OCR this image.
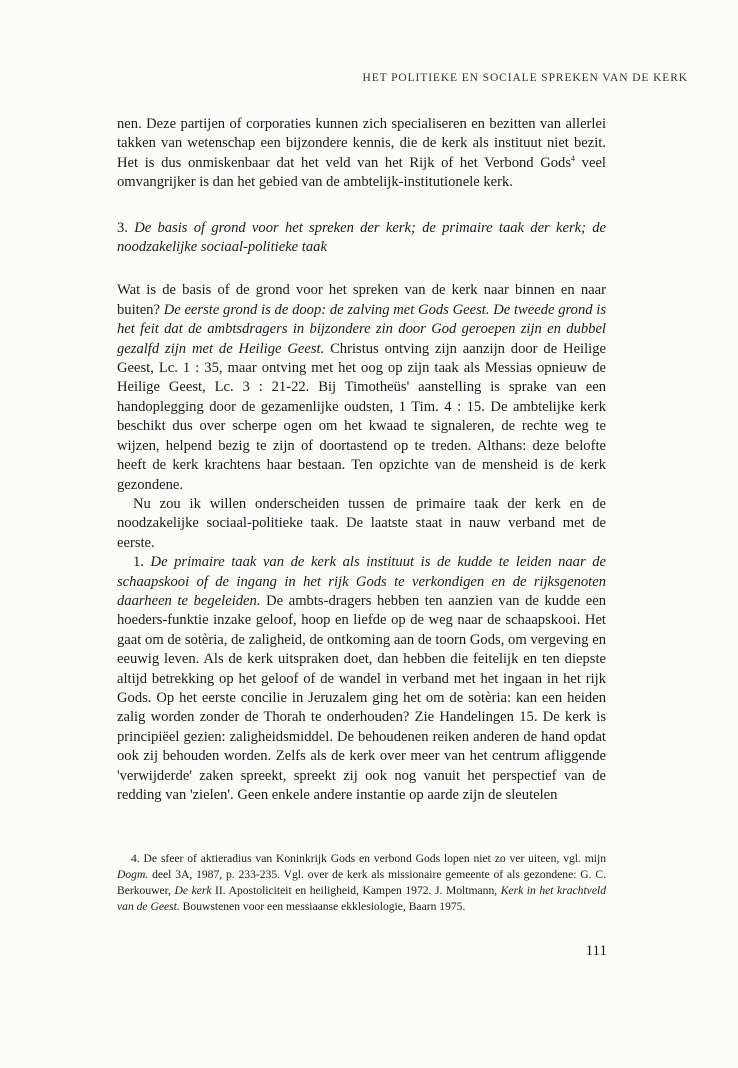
HET POLITIEKE EN SOCIALE SPREKEN VAN DE KERK

nen. Deze partijen of corporaties kunnen zich specialiseren en bezitten van allerlei takken van wetenschap een bijzondere kennis, die de kerk als instituut niet bezit. Het is dus onmiskenbaar dat het veld van het Rijk of het Verbond Gods$^4$ veel omvangrijker is dan het gebied van de ambtelijk-institutionele kerk.

3. De basis of grond voor het spreken der kerk; de primaire taak der kerk; de noodzakelijke sociaal-politieke taak

Wat is de basis of de grond voor het spreken van de kerk naar binnen en naar buiten? De eerste grond is de doop: de zalving met Gods Geest. De tweede grond is het feit dat de ambtsdragers in bijzondere zin door God geroepen zijn en dubbel gezalfd zijn met de Heilige Geest. Christus ontving zijn aanzijn door de Heilige Geest, Lc. 1 : 35, maar ontving met het oog op zijn taak als Messias opnieuw de Heilige Geest, Lc. 3 : 21-22. Bij Timotheüs' aanstelling is sprake van een handoplegging door de gezamenlijke oudsten, 1 Tim. 4 : 15. De ambtelijke kerk beschikt dus over scherpe ogen om het kwaad te signaleren, de rechte weg te wijzen, helpend bezig te zijn of doortastend op te treden. Althans: deze belofte heeft de kerk krachtens haar bestaan. Ten opzichte van de mensheid is de kerk gezondene.

Nu zou ik willen onderscheiden tussen de primaire taak der kerk en de noodzakelijke sociaal-politieke taak. De laatste staat in nauw verband met de eerste.

1. De primaire taak van de kerk als instituut is de kudde te leiden naar de schaapskooi of de ingang in het rijk Gods te verkondigen en de rijksgenoten daarheen te begeleiden. De ambts-dragers hebben ten aanzien van de kudde een hoeders-funktie inzake geloof, hoop en liefde op de weg naar de schaapskooi. Het gaat om de sotèria, de zaligheid, de ontkoming aan de toorn Gods, om vergeving en eeuwig leven. Als de kerk uitspraken doet, dan hebben die feitelijk en ten diepste altijd betrekking op het geloof of de wandel in verband met het ingaan in het rijk Gods. Op het eerste concilie in Jeruzalem ging het om de sotèria: kan een heiden zalig worden zonder de Thorah te onderhouden? Zie Handelingen 15. De kerk is principiëel gezien: zaligheidsmiddel. De behoudenen reiken anderen de hand opdat ook zij behouden worden. Zelfs als de kerk over meer van het centrum afliggende 'verwijderde' zaken spreekt, spreekt zij ook nog vanuit het perspectief van de redding van 'zielen'. Geen enkele andere instantie op aarde zijn de sleutelen

4. De sfeer of aktieradius van Koninkrijk Gods en verbond Gods lopen niet zo ver uiteen, vgl. mijn Dogm. deel 3A, 1987, p. 233-235. Vgl. over de kerk als missionaire gemeente of als gezondene: G. C. Berkouwer, De kerk II. Apostoliciteit en heiligheid, Kampen 1972. J. Moltmann, Kerk in het krachtveld van de Geest. Bouwstenen voor een messiaanse ekklesiologie, Baarn 1975.

111
